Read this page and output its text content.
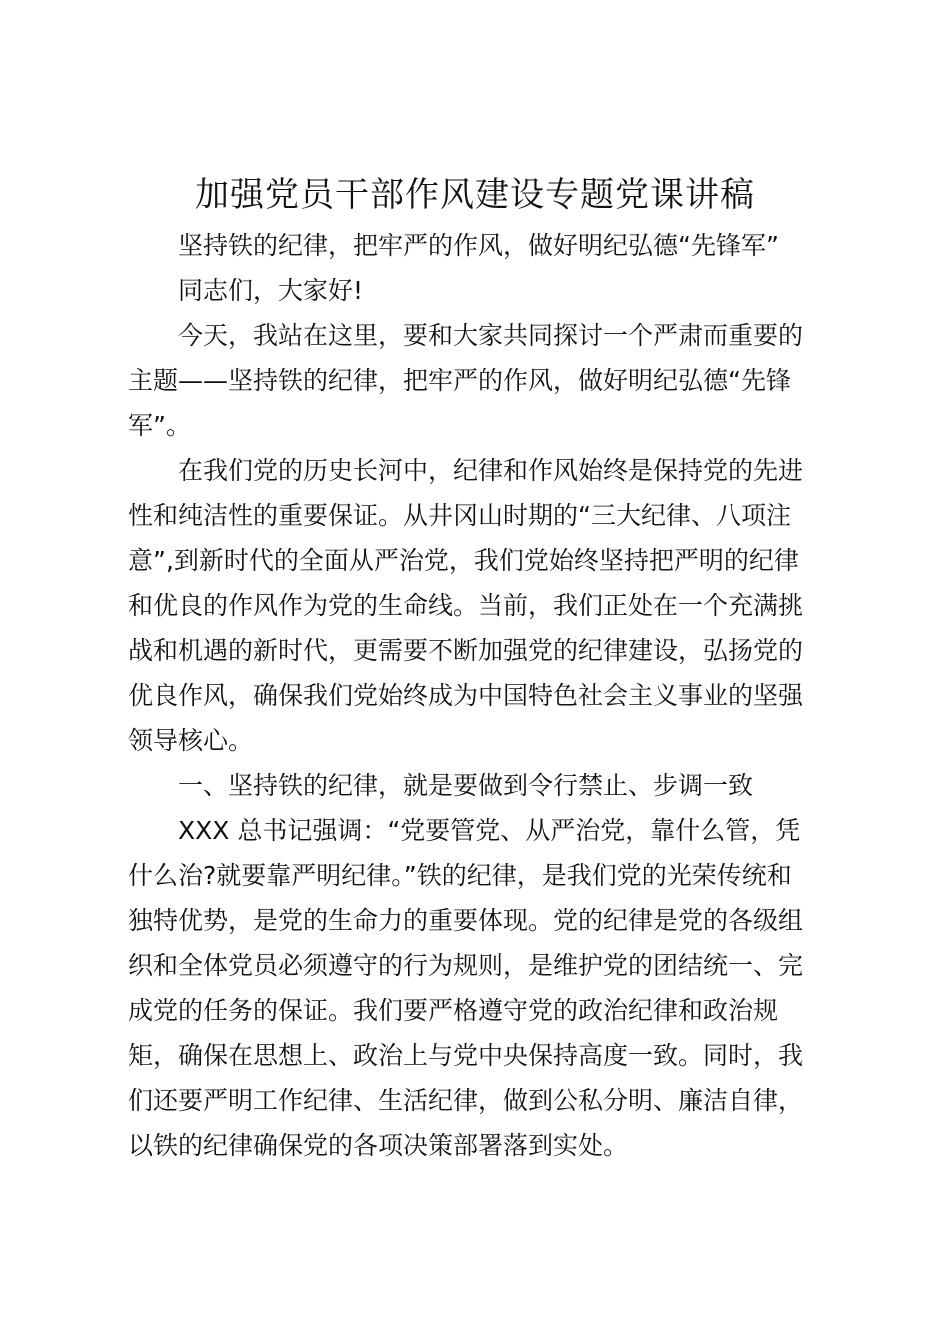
加强党员干部作风建设专题党课讲稿
坚持铁的纪律，把牢严的作风，做好明纪弘德“先锋军”
同志们，大家好!
今天，我站在这里，要和大家共同探讨一个严肃而重要的
主题——坚持铁的纪律，把牢严的作风，做好明纪弘德“先锋
军”。
在我们党的历史长河中，纪律和作风始终是保持党的先进
性和纯洁性的重要保证。从井冈山时期的“三大纪律、八项注
意”,到新时代的全面从严治党，我们党始终坚持把严明的纪律
和优良的作风作为党的生命线。当前，我们正处在一个充满挑
战和机遇的新时代，更需要不断加强党的纪律建设，弘扬党的
优良作风，确保我们党始终成为中国特色社会主义事业的坚强
领导核心。
一、坚持铁的纪律，就是要做到令行禁止、步调一致
XXX 总书记强调：“党要管党、从严治党，靠什么管，凭
什么治?就要靠严明纪律。”铁的纪律，是我们党的光荣传统和
独特优势，是党的生命力的重要体现。党的纪律是党的各级组
织和全体党员必须遵守的行为规则，是维护党的团结统一、完
成党的任务的保证。我们要严格遵守党的政治纪律和政治规
矩，确保在思想上、政治上与党中央保持高度一致。同时，我
们还要严明工作纪律、生活纪律，做到公私分明、廉洁自律，
以铁的纪律确保党的各项决策部署落到实处。
